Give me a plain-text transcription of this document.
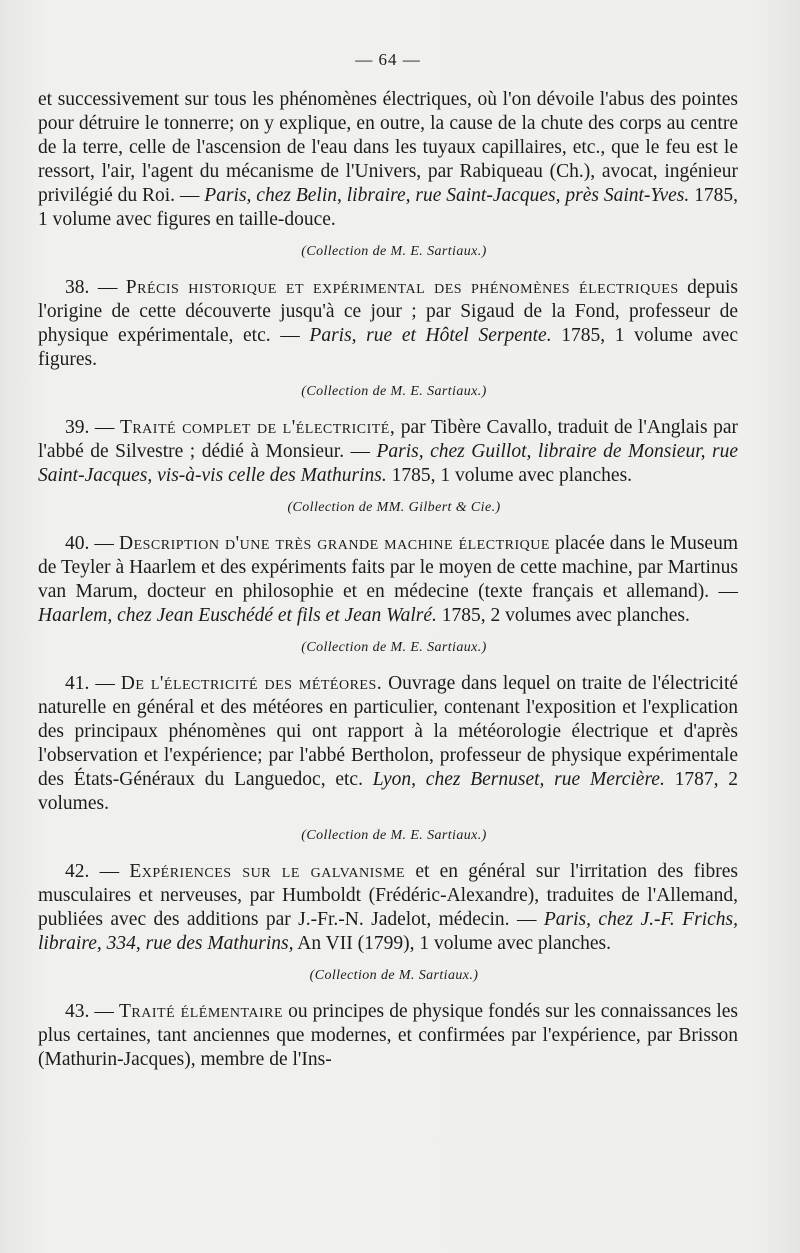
— 64 —

et successivement sur tous les phénomènes électriques, où l'on dévoile l'abus des pointes pour détruire le tonnerre; on y explique, en outre, la cause de la chute des corps au centre de la terre, celle de l'ascension de l'eau dans les tuyaux capillaires, etc., que le feu est le ressort, l'air, l'agent du mécanisme de l'Univers, par Rabiqueau (Ch.), avocat, ingénieur privilégié du Roi. — Paris, chez Belin, libraire, rue Saint-Jacques, près Saint-Yves. 1785, 1 volume avec figures en taille-douce.

(Collection de M. E. Sartiaux.)

38. — Précis historique et expérimental des phénomènes électriques depuis l'origine de cette découverte jusqu'à ce jour ; par Sigaud de la Fond, professeur de physique expérimentale, etc. — Paris, rue et Hôtel Serpente. 1785, 1 volume avec figures.

(Collection de M. E. Sartiaux.)

39. — Traité complet de l'électricité, par Tibère Cavallo, traduit de l'Anglais par l'abbé de Silvestre ; dédié à Monsieur. — Paris, chez Guillot, libraire de Monsieur, rue Saint-Jacques, vis-à-vis celle des Mathurins. 1785, 1 volume avec planches.

(Collection de MM. Gilbert & Cie.)

40. — Description d'une très grande machine électrique placée dans le Museum de Teyler à Haarlem et des expériments faits par le moyen de cette machine, par Martinus van Marum, docteur en philosophie et en médecine (texte français et allemand). — Haarlem, chez Jean Euschédé et fils et Jean Walré. 1785, 2 volumes avec planches.

(Collection de M. E. Sartiaux.)

41. — De l'électricité des météores. Ouvrage dans lequel on traite de l'électricité naturelle en général et des météores en particulier, contenant l'exposition et l'explication des principaux phénomènes qui ont rapport à la météorologie électrique et d'après l'observation et l'expérience; par l'abbé Bertholon, professeur de physique expérimentale des États-Généraux du Languedoc, etc. Lyon, chez Bernuset, rue Mercière. 1787, 2 volumes.

(Collection de M. E. Sartiaux.)

42. — Expériences sur le galvanisme et en général sur l'irritation des fibres musculaires et nerveuses, par Humboldt (Frédéric-Alexandre), traduites de l'Allemand, publiées avec des additions par J.-Fr.-N. Jadelot, médecin. — Paris, chez J.-F. Frichs, libraire, 334, rue des Mathurins, An VII (1799), 1 volume avec planches.

(Collection de M. Sartiaux.)

43. — Traité élémentaire ou principes de physique fondés sur les connaissances les plus certaines, tant anciennes que modernes, et confirmées par l'expérience, par Brisson (Mathurin-Jacques), membre de l'Ins-
